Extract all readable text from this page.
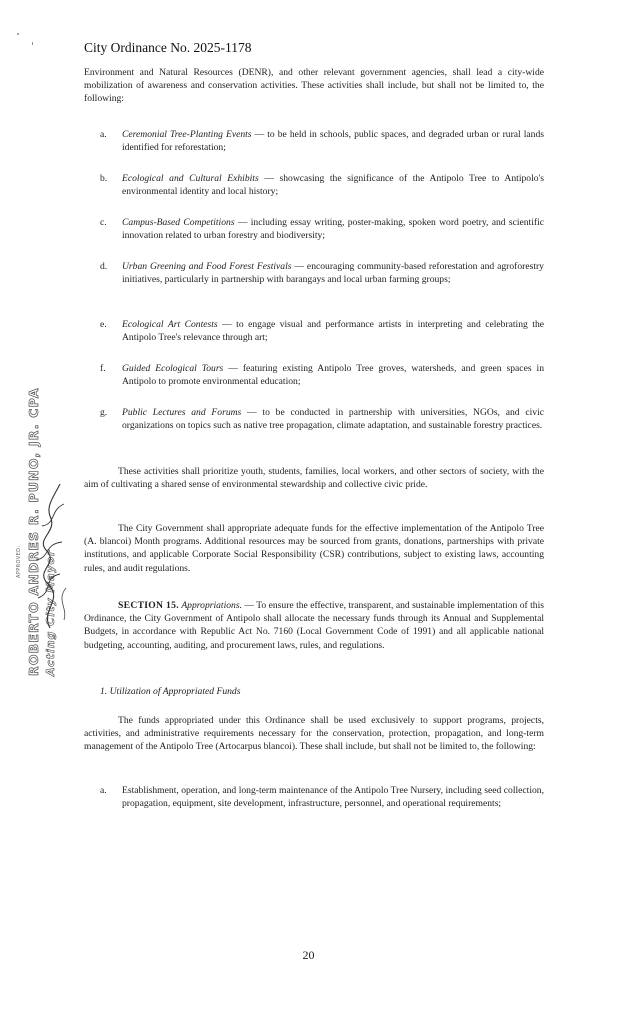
City Ordinance No. 2025-1178

Environment and Natural Resources (DENR), and other relevant government agencies, shall lead a city-wide mobilization of awareness and conservation activities. These activities shall include, but shall not be limited to, the following:

a. Ceremonial Tree-Planting Events — to be held in schools, public spaces, and degraded urban or rural lands identified for reforestation;
b. Ecological and Cultural Exhibits — showcasing the significance of the Antipolo Tree to Antipolo's environmental identity and local history;
c. Campus-Based Competitions — including essay writing, poster-making, spoken word poetry, and scientific innovation related to urban forestry and biodiversity;
d. Urban Greening and Food Forest Festivals — encouraging community-based reforestation and agroforestry initiatives, particularly in partnership with barangays and local urban farming groups;
e. Ecological Art Contests — to engage visual and performance artists in interpreting and celebrating the Antipolo Tree's relevance through art;
f. Guided Ecological Tours — featuring existing Antipolo Tree groves, watersheds, and green spaces in Antipolo to promote environmental education;
g. Public Lectures and Forums — to be conducted in partnership with universities, NGOs, and civic organizations on topics such as native tree propagation, climate adaptation, and sustainable forestry practices.

These activities shall prioritize youth, students, families, local workers, and other sectors of society, with the aim of cultivating a shared sense of environmental stewardship and collective civic pride.

The City Government shall appropriate adequate funds for the effective implementation of the Antipolo Tree (A. blancoi) Month programs. Additional resources may be sourced from grants, donations, partnerships with private institutions, and applicable Corporate Social Responsibility (CSR) contributions, subject to existing laws, accounting rules, and audit regulations.

SECTION 15. Appropriations. — To ensure the effective, transparent, and sustainable implementation of this Ordinance, the City Government of Antipolo shall allocate the necessary funds through its Annual and Supplemental Budgets, in accordance with Republic Act No. 7160 (Local Government Code of 1991) and all applicable national budgeting, accounting, auditing, and procurement laws, rules, and regulations.

1. Utilization of Appropriated Funds

The funds appropriated under this Ordinance shall be used exclusively to support programs, projects, activities, and administrative requirements necessary for the conservation, protection, propagation, and long-term management of the Antipolo Tree (Artocarpus blancoi). These shall include, but shall not be limited to, the following:

a. Establishment, operation, and long-term maintenance of the Antipolo Tree Nursery, including seed collection, propagation, equipment, site development, infrastructure, personnel, and operational requirements;
APPROVED: ROBERTO ANDRES R. PUNO, JR. CPA Acting City Mayor
20
